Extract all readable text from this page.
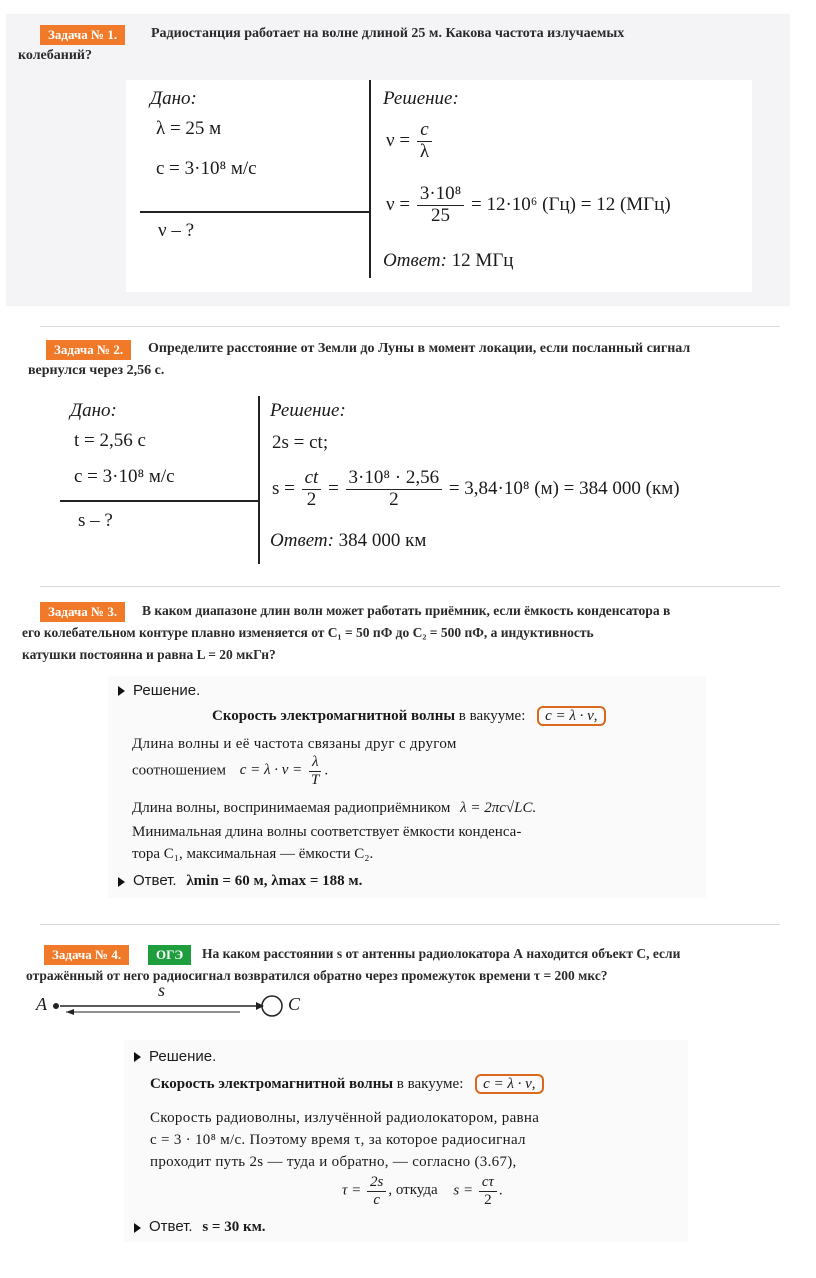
Задача № 1.	Радиостанция работает на волне длиной 25 м. Какова частота излучаемых
колебаний?
Дано:
λ = 25 м
c = 3·10⁸ м/с
ν – ?
Решение:
$\nu = \frac{c}{\lambda}$
$\nu = \frac{\text{3·10⁸}}{25} = 12\cdot 10^6$ (Гц) = 12 (МГц)
Ответ: 12 МГц
Задача № 2.	Определите расстояние от Земли до Луны в момент локации, если посланный сигнал
вернулся через 2,56 с.
Дано:
t = 2,56 с
c = 3·10⁸ м/с
s – ?
Решение:
2s = ct;
$s = \frac{ct}{2} = \frac{\text{3·10⁸ · 2,56}}{2} = 3,84\cdot 10^8$ (м) = 384 000 (км)
Ответ: 384 000 км
Задача № 3.	В каком диапазоне длин волн может работать приёмник, если ёмкость конденсатора в
его колебательном контуре плавно изменяется от C₁ = 50 пФ до C₂ = 500 пФ, а индуктивность
катушки постоянна и равна L = 20 мкГн?
Решение.
Скорость электромагнитной волны в вакууме: c = λ · ν,
Длина волны и её частота связаны друг с другом
соотношением $c = \lambda \cdot \nu = \frac{\lambda}{T}$ .
Длина волны, воспринимаемая радиоприёмником λ = 2πc√LC.
Минимальная длина волны соответствует ёмкости конденса-
тора C₁, максимальная — ёмкости C₂.
Ответ. λmin = 60 м, λmax = 188 м.
Задача № 4.	ОГЭ	На каком расстоянии s от антенны радиолокатора А находится объект С, если
отражённый от него радиосигнал возвратился обратно через промежуток времени τ = 200 мкс?
A
s
C
Решение.
Скорость электромагнитной волны в вакууме: c = λ · ν,
Скорость радиоволны, излучённой радиолокатором, равна
c = 3 · 10⁸ м/с. Поэтому время τ, за которое радиосигнал
проходит путь 2s — туда и обратно, — согласно (3.67),
$\tau = \frac{2s}{c}$ , откуда $s = \frac{c\tau}{2}$ .
Ответ. s = 30 км.
